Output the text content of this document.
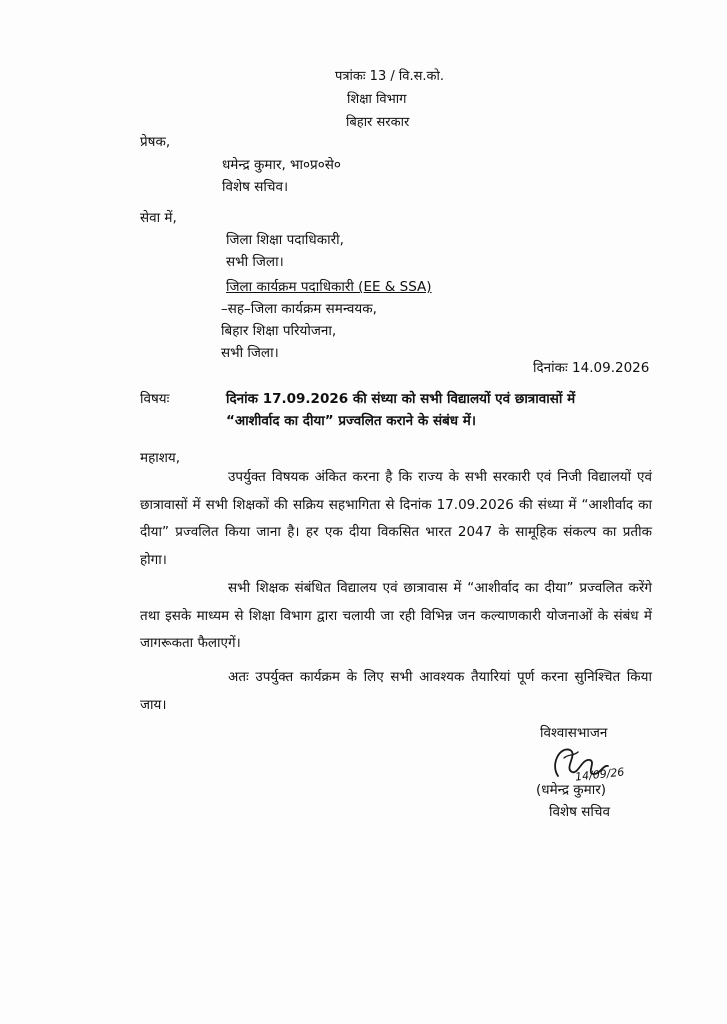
पत्रांकः 13 / वि.स.को.
शिक्षा विभाग
बिहार सरकार
प्रेषक,
धमेन्द्र कुमार, भा०प्र०से०
विशेष सचिव।
सेवा में,
जिला शिक्षा पदाधिकारी,
सभी जिला।
जिला कार्यक्रम पदाधिकारी (EE & SSA)
–सह–जिला कार्यक्रम समन्वयक,
बिहार शिक्षा परियोजना,
सभी जिला।
दिनांकः 14.09.2026
विषयः	दिनांक 17.09.2026 की संध्या को सभी विद्यालयों एवं छात्रावासों में
“आशीर्वाद का दीया” प्रज्वलित कराने के संबंध में।
महाशय,
उपर्युक्त विषयक अंकित करना है कि राज्य के सभी सरकारी एवं निजी विद्यालयों एवं छात्रावासों में सभी शिक्षकों की सक्रिय सहभागिता से दिनांक 17.09.2026 की संध्या में “आशीर्वाद का दीया” प्रज्वलित किया जाना है। हर एक दीया विकसित भारत 2047 के सामूहिक संकल्प का प्रतीक होगा।
सभी शिक्षक संबंधित विद्यालय एवं छात्रावास में “आशीर्वाद का दीया” प्रज्वलित करेंगे तथा इसके माध्यम से शिक्षा विभाग द्वारा चलायी जा रही विभिन्न जन कल्याणकारी योजनाओं के संबंध में जागरूकता फैलाएगें।
अतः उपर्युक्त कार्यक्रम के लिए सभी आवश्यक तैयारियां पूर्ण करना सुनिश्चित किया जाय।
विश्वासभाजन
14/09/26
(धमेन्द्र कुमार)
विशेष सचिव
